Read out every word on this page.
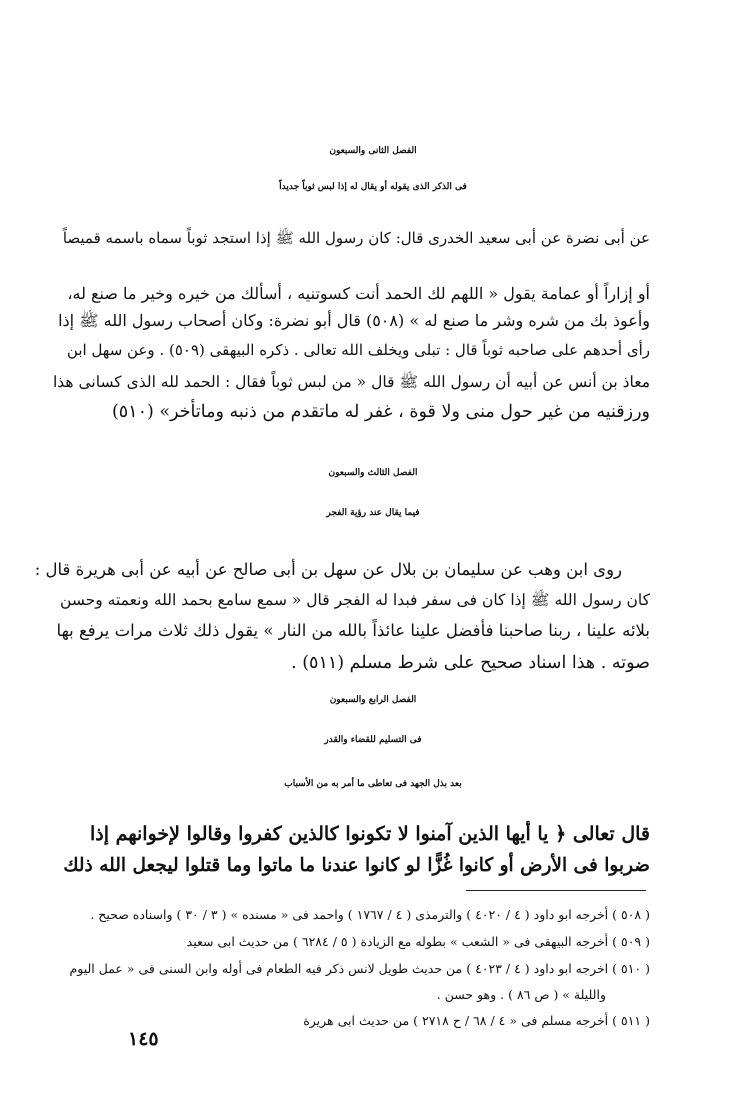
الفصل الثانى والسبعون
فى الذكر الذى يقوله أو يقال له إذا لبس ثوباً جديداً
عن أبى نضرة عن أبى سعيد الخدرى قال: كان رسول الله ﷺ إذا استجد ثوباً سماه باسمه قميصاً
أو إزاراً أو عمامة يقول « اللهم لك الحمد أنت كسوتنيه ، أسألك من خيره وخير ما صنع له،
وأعوذ بك من شره وشر ما صنع له » (٥٠٨) قال أبو نضرة: وكان أصحاب رسول الله ﷺ إذا
رأى أحدهم على صاحبه ثوباً قال : تبلى ويخلف الله تعالى . ذكره البيهقى (٥٠٩) . وعن سهل ابن
معاذ بن أنس عن أبيه أن رسول الله ﷺ قال « من لبس ثوباً فقال : الحمد لله الذى كسانى هذا
ورزقنيه من غير حول منى ولا قوة ، غفر له ماتقدم من ذنبه وماتأخر» (٥١٠)
الفصل الثالث والسبعون
فيما يقال عند رؤية الفجر
روى ابن وهب عن سليمان بن بلال عن سهل بن أبى صالح عن أبيه عن أبى هريرة قال :
كان رسول الله ﷺ إذا كان فى سفر فبدا له الفجر قال « سمع سامع بحمد الله ونعمته وحسن
بلائه علينا ، ربنا صاحبنا فأفضل علينا عائذاً بالله من النار » يقول ذلك ثلاث مرات يرفع بها
صوته . هذا اسناد صحيح على شرط مسلم (٥١١) .
الفصل الرابع والسبعون
فى التسليم للقضاء والقدر
بعد بذل الجهد فى تعاطى ما أمر به من الأسباب
قال تعالى ﴿ يا أيها الذين آمنوا لا تكونوا كالذين كفروا وقالوا لإخوانهم إذا
ضربوا فى الأرض أو كانوا غُزًّا لو كانوا عندنا ما ماتوا وما قتلوا ليجعل الله ذلك
( ٥٠٨ ) أخرجه ابو داود ( ٤ / ٤٠٢٠ ) والترمذى ( ٤ / ١٧٦٧ ) واحمد فى « مسنده » ( ٣ / ٣٠ ) واسناده صحيح .
( ٥٠٩ ) أخرجه البيهقى فى « الشعب » بطوله مع الزيادة ( ٥ / ٦٢٨٤ ) من حديث ابى سعيد
( ٥١٠ ) اخرجه ابو داود ( ٤ / ٤٠٢٣ ) من حديث طويل لانس ذكر فيه الطعام فى أوله وابن السنى فى « عمل اليوم
والليلة » ( ص ٨٦ ) . وهو حسن .
( ٥١١ ) أخرجه مسلم فى « ٤ / ٦٨ / ح ٢٧١٨ ) من حديث ابى هريرة
١٤٥
